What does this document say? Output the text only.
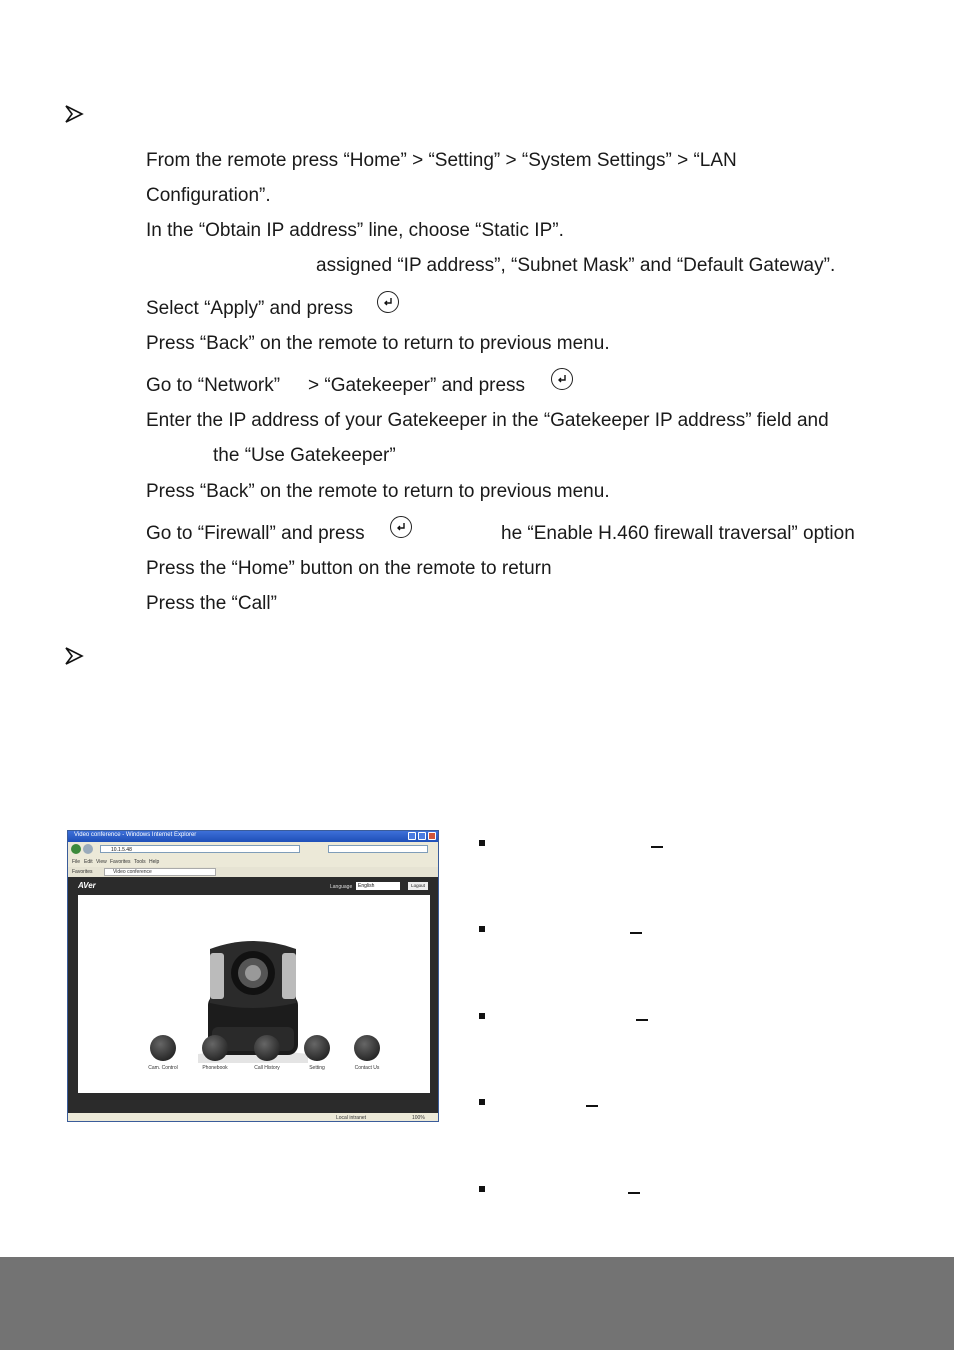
From the remote press “Home” > “Setting” > “System Settings” > “LAN
Configuration”.
In the “Obtain IP address” line, choose “Static IP”.
assigned “IP address”, “Subnet Mask” and “Default Gateway”.
Select “Apply” and press
Press “Back” on the remote to return to previous menu.
Go to “Network” > “Gatekeeper” and press
Enter the IP address of your Gatekeeper in the “Gatekeeper IP address” field and
the “Use Gatekeeper”
Press “Back” on the remote to return to previous menu.
Go to “Firewall” and press	he “Enable H.460 firewall traversal” option
Press the “Home” button on the remote to return
Press the “Call”
Video conference - Windows Internet Explorer
10.1.5.48
File Edit View Favorites Tools Help
Favorites	Video conference
AVer	Language	English	Logout
Cam. Control	Phonebook	Call History	Setting	Contact Us
Local intranet	100%
